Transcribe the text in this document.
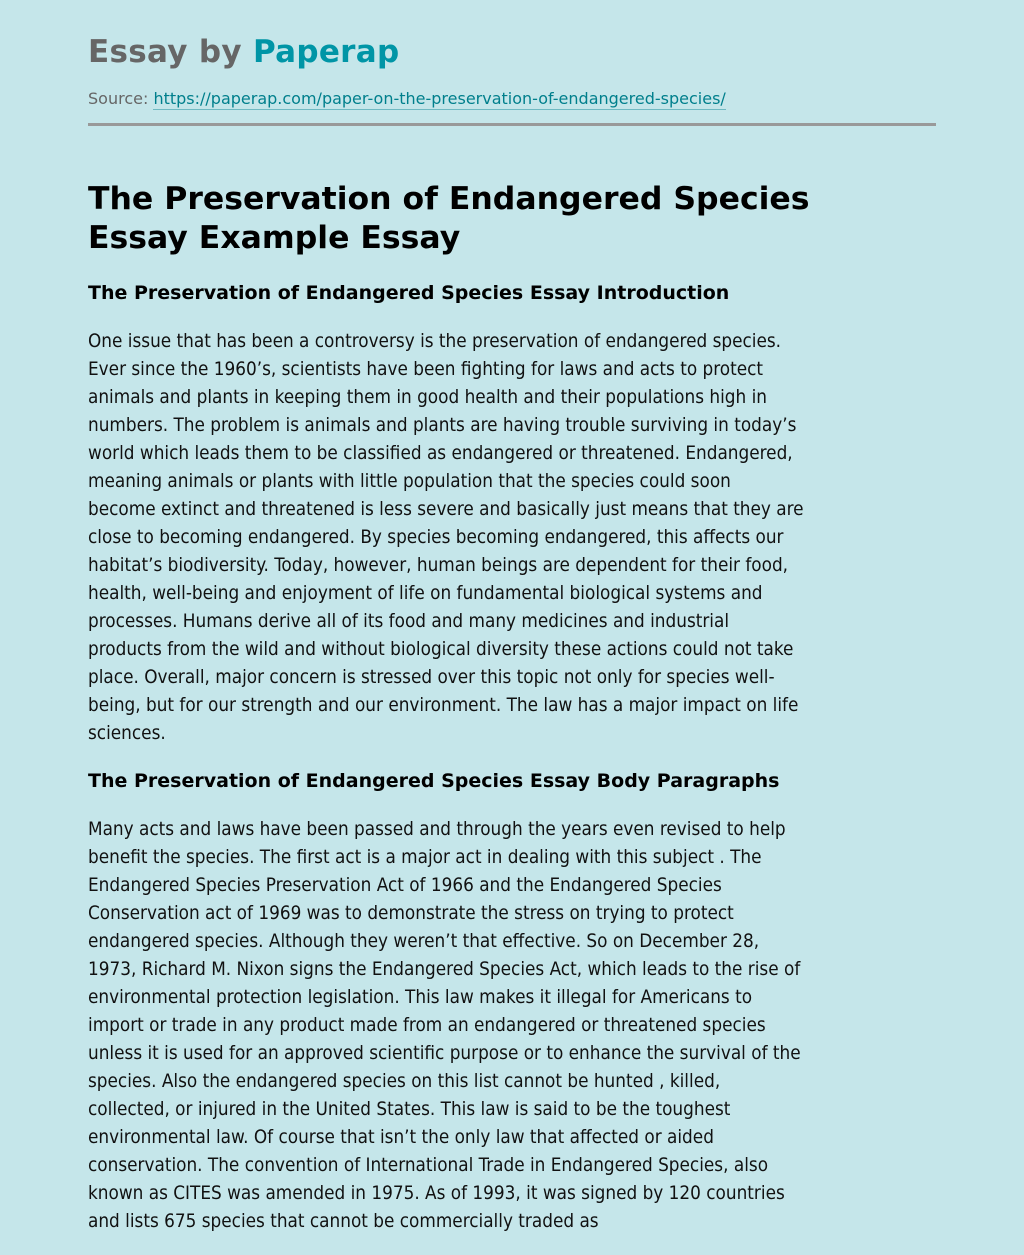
Essay by Paperap
Source: https://paperap.com/paper-on-the-preservation-of-endangered-species/
The Preservation of Endangered Species
Essay Example Essay
The Preservation of Endangered Species Essay Introduction

One issue that has been a controversy is the preservation of endangered species.
Ever since the 1960’s, scientists have been fighting for laws and acts to protect
animals and plants in keeping them in good health and their populations high in
numbers. The problem is animals and plants are having trouble surviving in today’s
world which leads them to be classified as endangered or threatened. Endangered,
meaning animals or plants with little population that the species could soon
become extinct and threatened is less severe and basically just means that they are
close to becoming endangered. By species becoming endangered, this affects our
habitat’s biodiversity. Today, however, human beings are dependent for their food,
health, well-being and enjoyment of life on fundamental biological systems and
processes. Humans derive all of its food and many medicines and industrial
products from the wild and without biological diversity these actions could not take
place. Overall, major concern is stressed over this topic not only for species well-
being, but for our strength and our environment. The law has a major impact on life
sciences.

The Preservation of Endangered Species Essay Body Paragraphs

Many acts and laws have been passed and through the years even revised to help
benefit the species. The first act is a major act in dealing with this subject . The
Endangered Species Preservation Act of 1966 and the Endangered Species
Conservation act of 1969 was to demonstrate the stress on trying to protect
endangered species. Although they weren’t that effective. So on December 28,
1973, Richard M. Nixon signs the Endangered Species Act, which leads to the rise of
environmental protection legislation. This law makes it illegal for Americans to
import or trade in any product made from an endangered or threatened species
unless it is used for an approved scientific purpose or to enhance the survival of the
species. Also the endangered species on this list cannot be hunted , killed,
collected, or injured in the United States. This law is said to be the toughest
environmental law. Of course that isn’t the only law that affected or aided
conservation. The convention of International Trade in Endangered Species, also
known as CITES was amended in 1975. As of 1993, it was signed by 120 countries
and lists 675 species that cannot be commercially traded as
